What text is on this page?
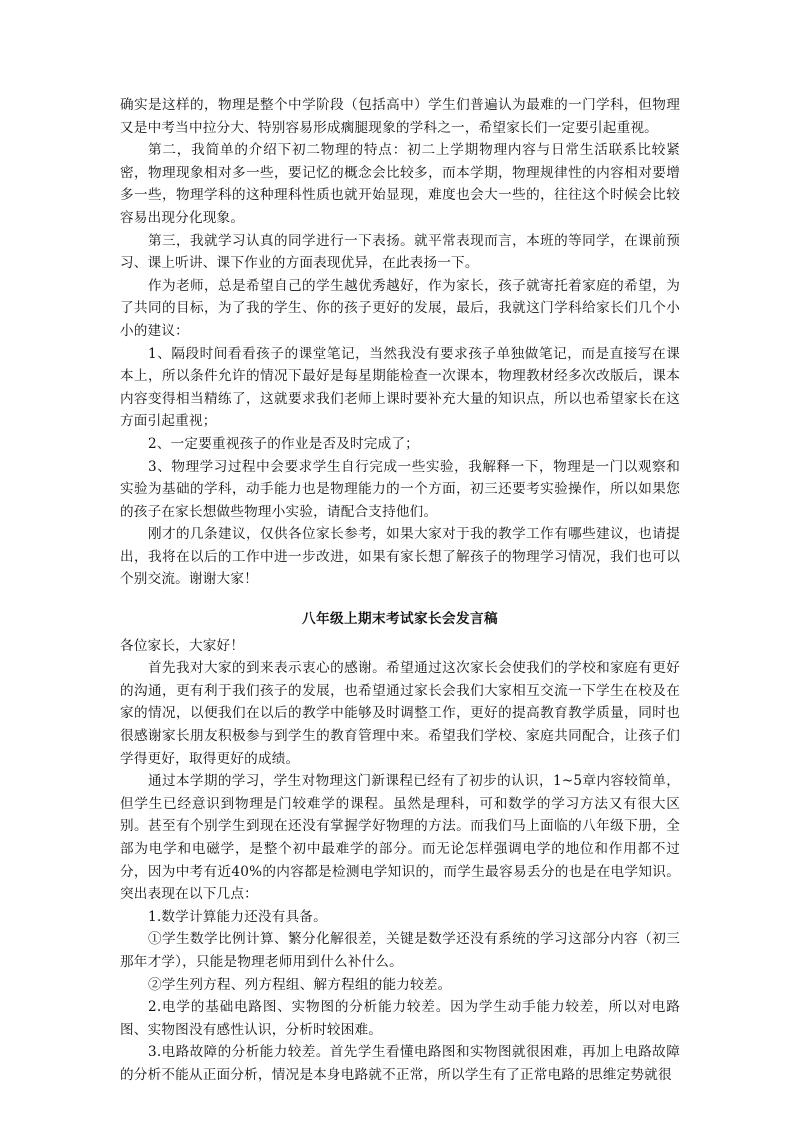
确实是这样的，物理是整个中学阶段（包括高中）学生们普遍认为最难的一门学科，但物理又是中考当中拉分大、特别容易形成瘸腿现象的学科之一，希望家长们一定要引起重视。

第二，我简单的介绍下初二物理的特点：初二上学期物理内容与日常生活联系比较紧密，物理现象相对多一些，要记忆的概念会比较多，而本学期，物理规律性的内容相对要增多一些，物理学科的这种理科性质也就开始显现，难度也会大一些的，往往这个时候会比较容易出现分化现象。

第三，我就学习认真的同学进行一下表扬。就平常表现而言，本班的等同学，在课前预习、课上听讲、课下作业的方面表现优异，在此表扬一下。

作为老师，总是希望自己的学生越优秀越好，作为家长，孩子就寄托着家庭的希望，为了共同的目标，为了我的学生、你的孩子更好的发展，最后，我就这门学科给家长们几个小小的建议：

1、隔段时间看看孩子的课堂笔记，当然我没有要求孩子单独做笔记，而是直接写在课本上，所以条件允许的情况下最好是每星期能检查一次课本，物理教材经多次改版后，课本内容变得相当精练了，这就要求我们老师上课时要补充大量的知识点，所以也希望家长在这方面引起重视；

2、一定要重视孩子的作业是否及时完成了；

3、物理学习过程中会要求学生自行完成一些实验，我解释一下，物理是一门以观察和实验为基础的学科，动手能力也是物理能力的一个方面，初三还要考实验操作，所以如果您的孩子在家长想做些物理小实验，请配合支持他们。

刚才的几条建议，仅供各位家长参考，如果大家对于我的教学工作有哪些建议，也请提出，我将在以后的工作中进一步改进，如果有家长想了解孩子的物理学习情况，我们也可以个别交流。谢谢大家！

八年级上期末考试家长会发言稿

各位家长，大家好！

首先我对大家的到来表示衷心的感谢。希望通过这次家长会使我们的学校和家庭有更好的沟通，更有利于我们孩子的发展，也希望通过家长会我们大家相互交流一下学生在校及在家的情况，以便我们在以后的教学中能够及时调整工作，更好的提高教育教学质量，同时也很感谢家长朋友积极参与到学生的教育管理中来。希望我们学校、家庭共同配合，让孩子们学得更好，取得更好的成绩。

通过本学期的学习，学生对物理这门新课程已经有了初步的认识，1~5章内容较简单，但学生已经意识到物理是门较难学的课程。虽然是理科，可和数学的学习方法又有很大区别。甚至有个别学生到现在还没有掌握学好物理的方法。而我们马上面临的八年级下册，全部为电学和电磁学，是整个初中最难学的部分。而无论怎样强调电学的地位和作用都不过分，因为中考有近40%的内容都是检测电学知识的，而学生最容易丢分的也是在电学知识。突出表现在以下几点：

1.数学计算能力还没有具备。

①学生数学比例计算、繁分化解很差，关键是数学还没有系统的学习这部分内容（初三那年才学），只能是物理老师用到什么补什么。

②学生列方程、列方程组、解方程组的能力较差。

2.电学的基础电路图、实物图的分析能力较差。因为学生动手能力较差，所以对电路图、实物图没有感性认识，分析时较困难。

3.电路故障的分析能力较差。首先学生看懂电路图和实物图就很困难，再加上电路故障的分析不能从正面分析，情况是本身电路就不正常，所以学生有了正常电路的思维定势就很
